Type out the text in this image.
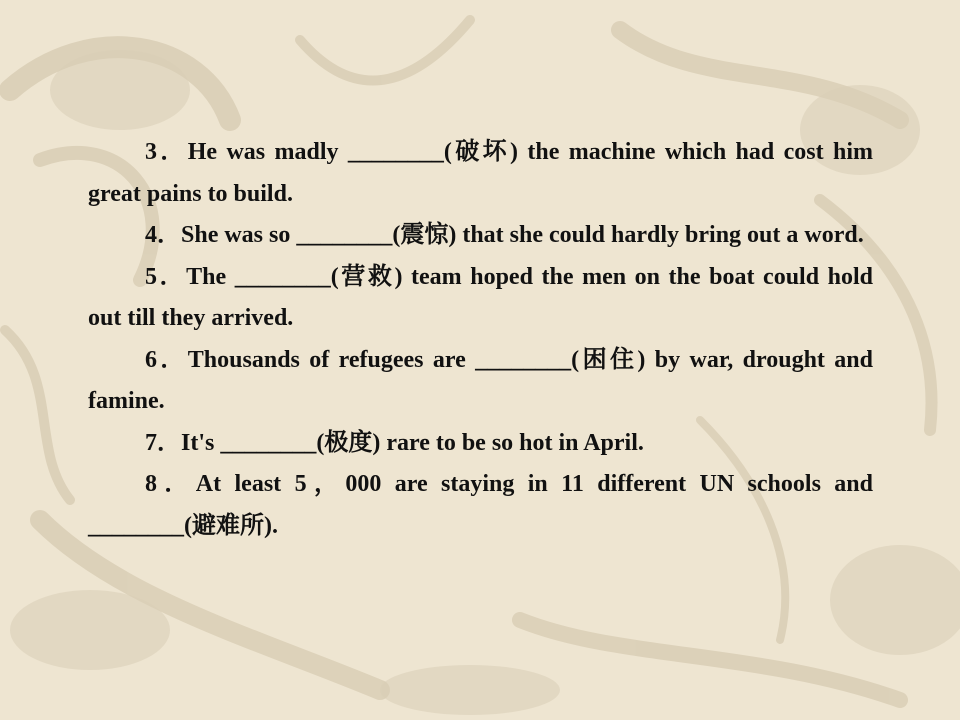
3．He was madly ________(破坏) the machine which had cost him great pains to build.

4．She was so ________(震惊) that she could hardly bring out a word.

5．The ________(营救) team hoped the men on the boat could hold out till they arrived.

6．Thousands of refugees are ________(困住) by war, drought and famine.

7．It's ________(极度) rare to be so hot in April.

8．At least 5，000 are staying in 11 different UN schools and ________(避难所).
